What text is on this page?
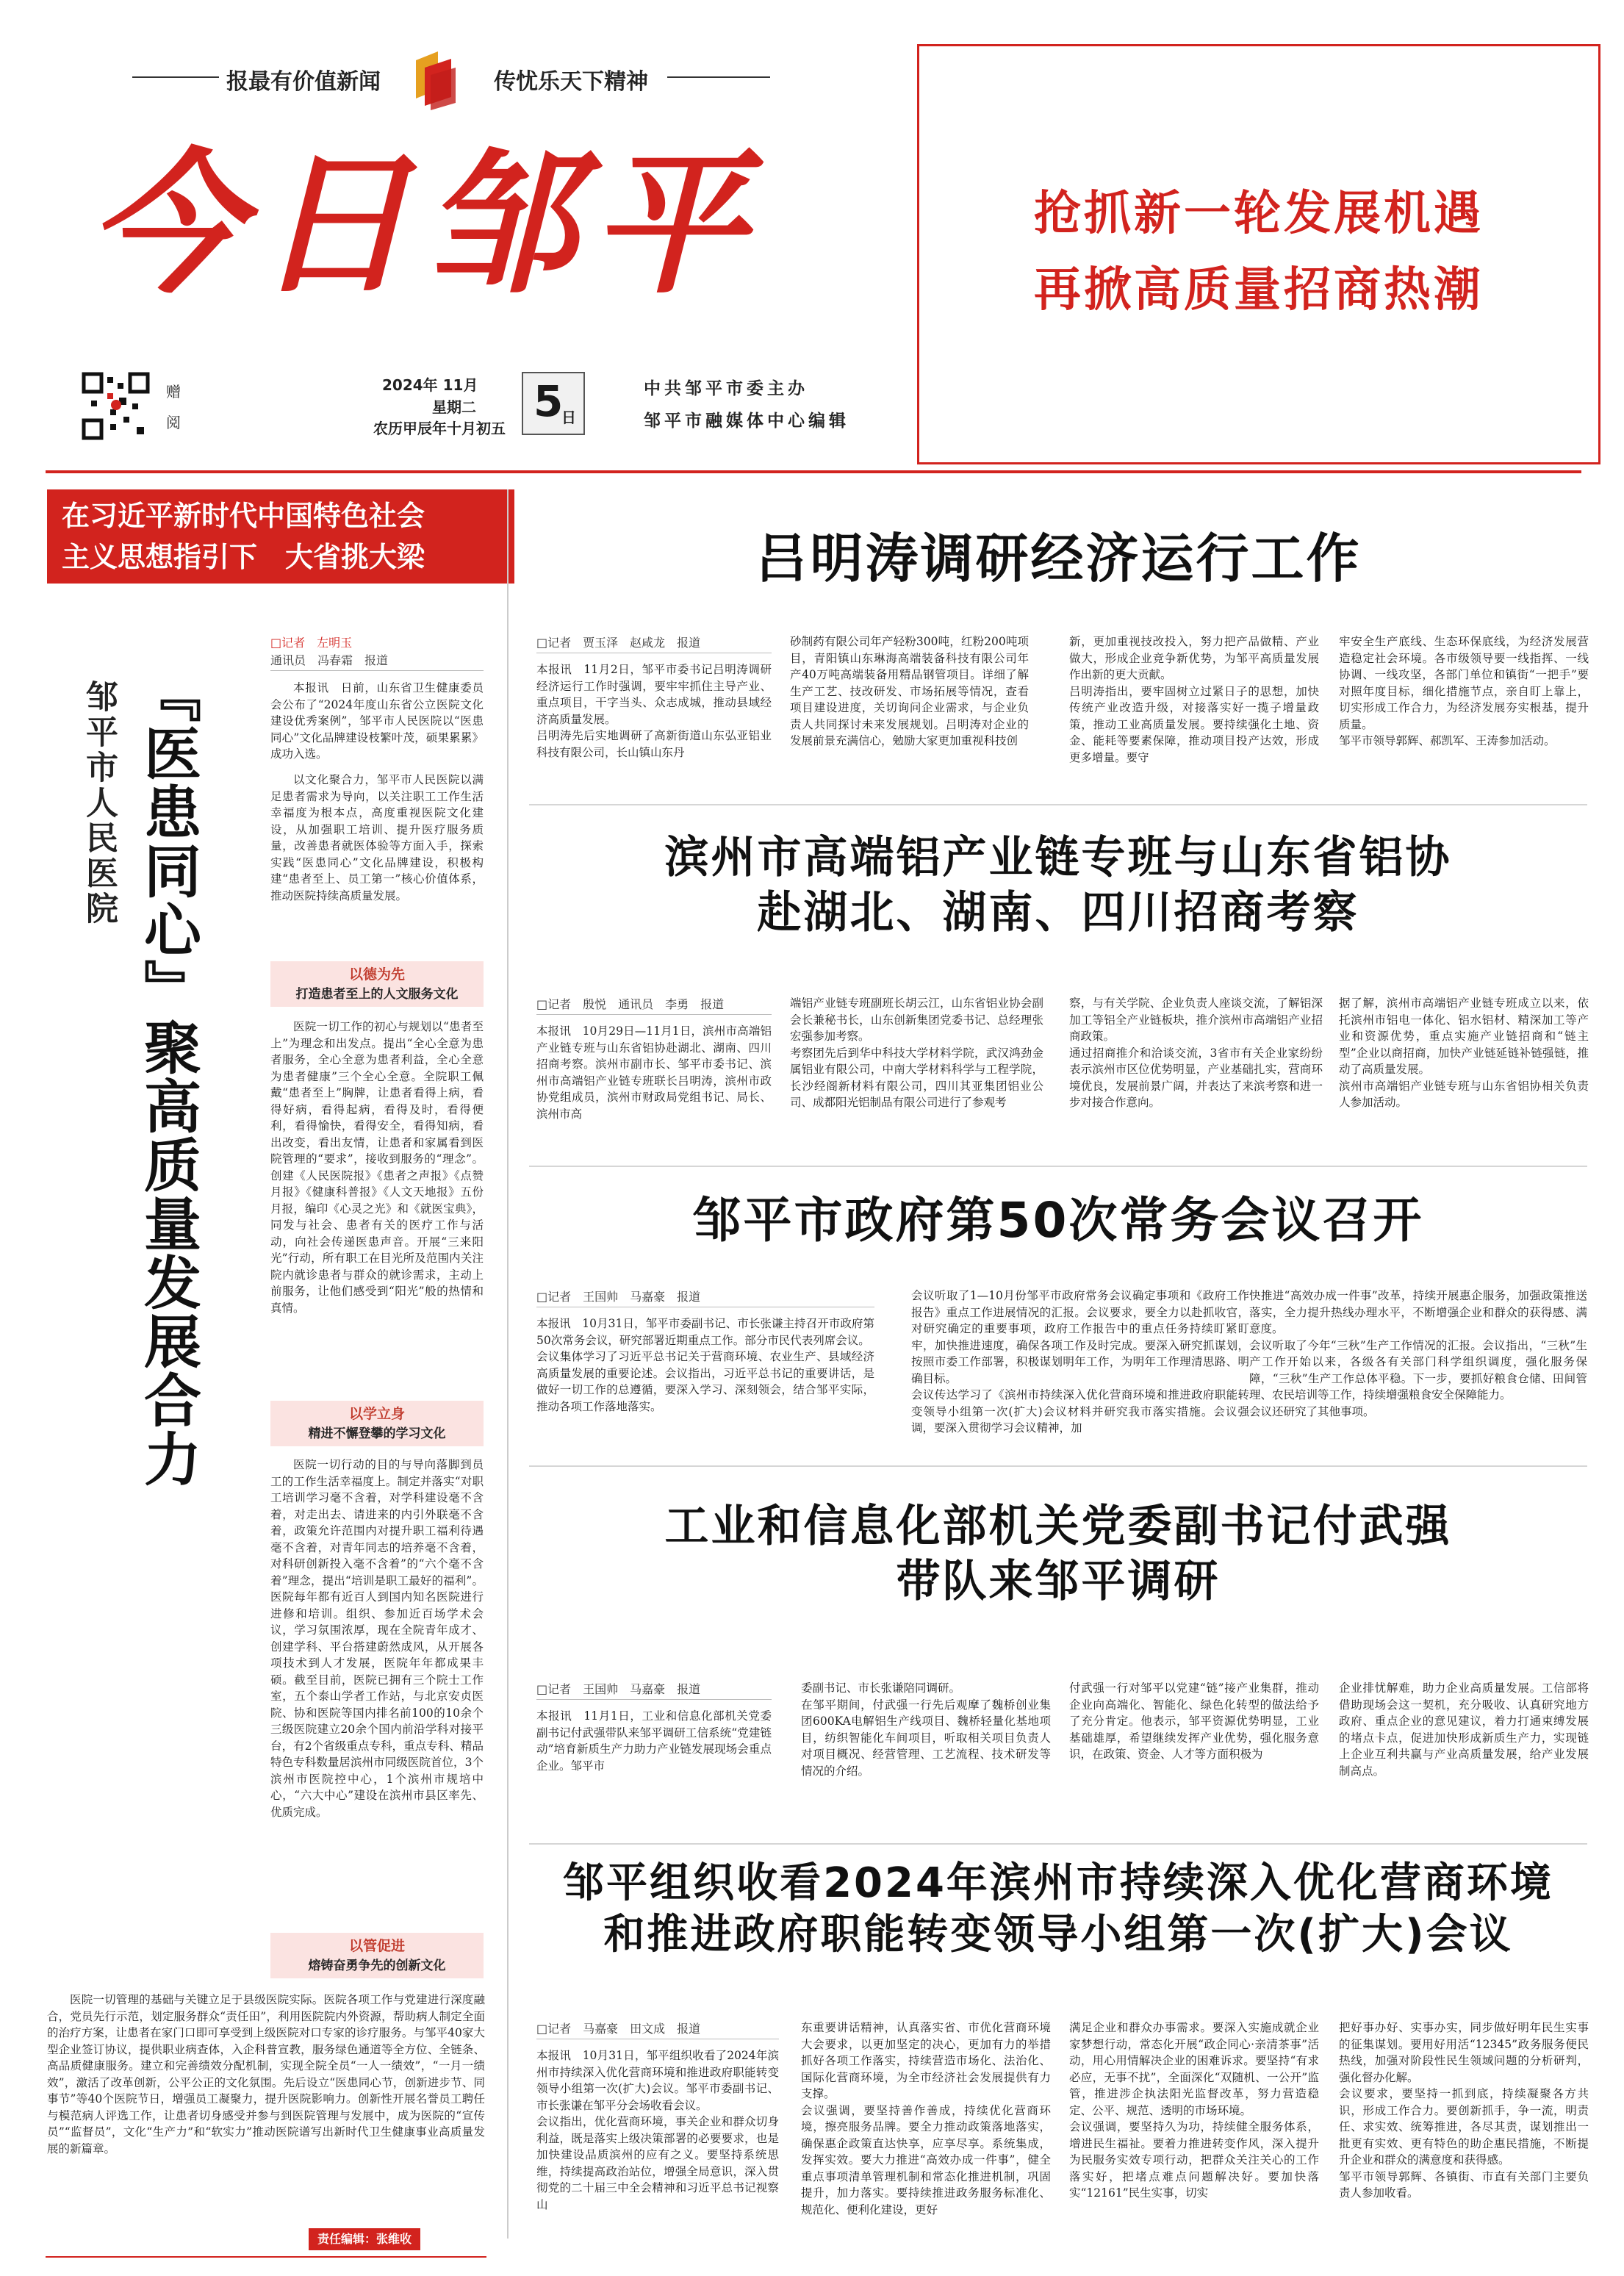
报最有价值新闻	传忧乐天下精神
今日邹平
赠阅
2024年 11月
星期二
农历甲辰年十月初五
5
日
中共邹平市委主办
邹平市融媒体中心编辑
抢抓新一轮发展机遇
再掀高质量招商热潮
在习近平新时代中国特色社会
主义思想指引下　大省挑大梁
『医患同心』聚高质量发展合力
邹平市人民医院
□记者　左明玉
通讯员　冯春霜　报道

本报讯　日前，山东省卫生健康委员会公布了“2024年度山东省公立医院文化建设优秀案例”，邹平市人民医院以“医患同心”文化品牌建设枝繁叶茂，硕果累累》成功入选。

以文化聚合力，邹平市人民医院以满足患者需求为导向，以关注职工工作生活幸福度为根本点，高度重视医院文化建设，从加强职工培训、提升医疗服务质量，改善患者就医体验等方面入手，探索实践“医患同心”文化品牌建设，积极构建“患者至上、员工第一”核心价值体系，推动医院持续高质量发展。

以德为先
打造患者至上的人文服务文化

医院一切工作的初心与规划以“患者至上”为理念和出发点。提出“全心全意为患者服务，全心全意为患者利益，全心全意为患者健康”三个全心全意。全院职工佩戴“患者至上”胸牌，让患者看得上病，看得好病，看得起病，看得及时，看得便利，看得愉快，看得安全，看得知病，看出改变，看出友情，让患者和家属看到医院管理的“要求”，接收到服务的“理念”。创建《人民医院报》《患者之声报》《点赞月报》《健康科普报》《人文天地报》五份月报，编印《心灵之光》和《就医宝典》，同发与社会、患者有关的医疗工作与活动，向社会传递医患声音。开展“三来阳光”行动，所有职工在目光所及范围内关注院内就诊患者与群众的就诊需求，主动上前服务，让他们感受到“阳光”般的热情和真情。

以学立身
精进不懈登攀的学习文化

医院一切行动的目的与导向落脚到员工的工作生活幸福度上。制定并落实“对职工培训学习毫不含着，对学科建设毫不含着，对走出去、请进来的内引外联毫不含着，政策允许范围内对提升职工福利待遇毫不含着，对青年同志的培养毫不含着，对科研创新投入毫不含着”的“六个毫不含着”理念，提出“培训是职工最好的福利”。医院每年都有近百人到国内知名医院进行进修和培训。组织、参加近百场学术会议，学习氛围浓厚，现在全院青年成才、创建学科、平台搭建蔚然成风，从开展各项技术到人才发展，医院年年都成果丰硕。截至目前，医院已拥有三个院士工作室，五个泰山学者工作站，与北京安贞医院、协和医院等国内排名前100的10余个三级医院建立20余个国内前沿学科对接平台，有2个省级重点专科，重点专科、精品特色专科数量居滨州市同级医院首位，3个滨州市医院控中心，1个滨州市规培中心，“六大中心”建设在滨州市县区率先、优质完成。

以管促进
熔铸奋勇争先的创新文化

医院一切管理的基础与关键立足于县级医院实际。医院各项工作与党建进行深度融合，党员先行示范，划定服务群众“责任田”，利用医院院内外资源，帮助病人制定全面的治疗方案，让患者在家门口即可享受到上级医院对口专家的诊疗服务。与邹平40家大型企业签订协议，提供职业病查体，入企科普宣教，服务绿色通道等全方位、全链条、高品质健康服务。建立和完善绩效分配机制，实现全院全员“一人一绩效”，“一月一绩效”，激活了改革创新，公平公正的文化氛围。先后设立“医患同心节，创新进步节、同事节”等40个医院节日，增强员工凝聚力，提升医院影响力。创新性开展名誉员工聘任与模范病人评选工作，让患者切身感受并参与到医院管理与发展中，成为医院的“宣传员”“监督员”，文化“生产力”和“软实力”推动医院谱写出新时代卫生健康事业高质量发展的新篇章。

责任编辑：张维收
吕明涛调研经济运行工作
□记者　贾玉泽　赵咸龙　报道
本报讯　11月2日，邹平市委书记吕明涛调研经济运行工作时强调，要牢牢抓住主导产业、重点项目，干字当头、众志成城，推动县域经济高质量发展。
吕明涛先后实地调研了高新街道山东弘亚铝业科技有限公司，长山镇山东丹
砂制药有限公司年产轻粉300吨，红粉200吨项目，青阳镇山东琳海高端装备科技有限公司年产40万吨高端装备用精品钢管项目。详细了解生产工艺、技改研发、市场拓展等情况，查看项目建设进度，关切询问企业需求，与企业负责人共同探讨未来发展规划。吕明涛对企业的发展前景充满信心，勉励大家更加重视科技创
新，更加重视技改投入，努力把产品做精、产业做大，形成企业竞争新优势，为邹平高质量发展作出新的更大贡献。
吕明涛指出，要牢固树立过紧日子的思想，加快传统产业改造升级，对接落实好一揽子增量政策，推动工业高质量发展。要持续强化土地、资金、能耗等要素保障，推动项目投产达效，形成更多增量。要守
牢安全生产底线、生态环保底线，为经济发展营造稳定社会环境。各市级领导要一线指挥、一线协调、一线攻坚，各部门单位和镇街“一把手”要对照年度目标，细化措施节点，亲自盯上靠上，切实形成工作合力，为经济发展夯实根基，提升质量。
邹平市领导郭辉、郝凯军、王涛参加活动。
滨州市高端铝产业链专班与山东省铝协
赴湖北、湖南、四川招商考察
□记者　殷悦　通讯员　李勇　报道
本报讯　10月29日—11月1日，滨州市高端铝产业链专班与山东省铝协赴湖北、湖南、四川招商考察。滨州市副市长、邹平市委书记、滨州市高端铝产业链专班联长吕明涛，滨州市政协党组成员，滨州市财政局党组书记、局长、滨州市高
端铝产业链专班副班长胡云江，山东省铝业协会副会长兼秘书长，山东创新集团党委书记、总经理张宏强参加考察。
考察团先后到华中科技大学材料学院，武汉鸿劲金属铝业有限公司，中南大学材料科学与工程学院，长沙经阁新材料有限公司，四川其亚集团铝业公司、成都阳光铝制品有限公司进行了参观考
察，与有关学院、企业负责人座谈交流，了解铝深加工等铝全产业链板块，推介滨州市高端铝产业招商政策。
通过招商推介和洽谈交流，3省市有关企业家纷纷表示滨州市区位优势明显，产业基础扎实，营商环境优良，发展前景广阔，并表达了来滨考察和进一步对接合作意向。
据了解，滨州市高端铝产业链专班成立以来，依托滨州市铝电一体化、铝水铝材、精深加工等产业和资源优势，重点实施产业链招商和“链主型”企业以商招商，加快产业链延链补链强链，推动了高质量发展。
滨州市高端铝产业链专班与山东省铝协相关负责人参加活动。
邹平市政府第50次常务会议召开
□记者　王国帅　马嘉豪　报道
本报讯　10月31日，邹平市委副书记、市长张谦主持召开市政府第50次常务会议，研究部署近期重点工作。部分市民代表列席会议。
会议集体学习了习近平总书记关于营商环境、农业生产、县域经济高质量发展的重要论述。会议指出，习近平总书记的重要讲话，是做好一切工作的总遵循，要深入学习、深刻领会，结合邹平实际，推动各项工作落地落实。
会议听取了1—10月份邹平市政府常务会议确定事项和《政府工作报告》重点工作进展情况的汇报。会议要求，要全力以赴抓收官，对研究确定的重要事项，政府工作报告中的重点任务持续盯紧盯牢，加快推进速度，确保各项工作及时完成。要深入研究抓谋划，按照市委工作部署，积极谋划明年工作，为明年工作理清思路、明确目标。
会议传达学习了《滨州市持续深入优化营商环境和推进政府职能转变领导小组第一次(扩大)会议材料并研究我市落实措施。会议强调，要深入贯彻学习会议精神，加
快推进“高效办成一件事”改革，持续开展惠企服务，加强政策推送落实，全力提升热线办理水平，不断增强企业和群众的获得感、满意度。
会议听取了今年“三秋”生产工作情况的汇报。会议指出，“三秋”生产工作开始以来，各级各有关部门科学组织调度，强化服务保障，“三秋”生产工作总体平稳。下一步，要抓好粮食仓储、田间管理、农民培训等工作，持续增强粮食安全保障能力。
会议还研究了其他事项。
工业和信息化部机关党委副书记付武强
带队来邹平调研
□记者　王国帅　马嘉豪　报道
本报讯　11月1日，工业和信息化部机关党委副书记付武强带队来邹平调研工信系统“党建链动”培育新质生产力助力产业链发展现场会重点企业。邹平市
委副书记、市长张谦陪同调研。
在邹平期间，付武强一行先后观摩了魏桥创业集团600KA电解铝生产线项目、魏桥轻量化基地项目，纺织智能化车间项目，听取相关项目负责人对项目概况、经营管理、工艺流程、技术研发等情况的介绍。
付武强一行对邹平以党建“链”接产业集群，推动企业向高端化、智能化、绿色化转型的做法给予了充分肯定。他表示，邹平资源优势明显，工业基础雄厚，希望继续发挥产业优势，强化服务意识，在政策、资金、人才等方面积极为
企业排忧解难，助力企业高质量发展。工信部将借助现场会这一契机，充分吸收、认真研究地方政府、重点企业的意见建议，着力打通束缚发展的堵点卡点，促进加快形成新质生产力，实现链上企业互利共赢与产业高质量发展，给产业发展制高点。
邹平组织收看2024年滨州市持续深入优化营商环境
和推进政府职能转变领导小组第一次(扩大)会议
□记者　马嘉豪　田文成　报道
本报讯　10月31日，邹平组织收看了2024年滨州市持续深入优化营商环境和推进政府职能转变领导小组第一次(扩大)会议。邹平市委副书记、市长张谦在邹平分会场收看会议。
会议指出，优化营商环境，事关企业和群众切身利益，既是落实上级决策部署的必要要求，也是加快建设品质滨州的应有之义。要坚持系统思维，持续提高政治站位，增强全局意识，深入贯彻党的二十届三中全会精神和习近平总书记视察山
东重要讲话精神，认真落实省、市优化营商环境大会要求，以更加坚定的决心，更加有力的举措抓好各项工作落实，持续营造市场化、法治化、国际化营商环境，为全市经济社会发展提供有力支撑。
会议强调，要坚持善作善成，持续优化营商环境，擦亮服务品牌。要全力推动政策落地落实，确保惠企政策直达快享，应享尽享。系统集成，发挥实效。要大力推进“高效办成一件事”，健全重点事项清单管理机制和常态化推进机制，巩固提升，加力落实。要持续推进政务服务标准化、规范化、便利化建设，更好
满足企业和群众办事需求。要深入实施成就企业家梦想行动，常态化开展“政企同心·亲清茶事”活动，用心用情解决企业的困难诉求。要坚持“有求必应，无事不扰”，全面深化“双随机、一公开”监管，推进涉企执法阳光监督改革，努力营造稳定、公平、规范、透明的市场环境。
会议强调，要坚持久为功，持续健全服务体系，增进民生福祉。要着力推进转变作风，深入提升为民服务实效专项行动，把群众关注关心的工作落实好，把堵点难点问题解决好。要加快落实“12161”民生实事，切实
把好事办好、实事办实，同步做好明年民生实事的征集谋划。要用好用活“12345”政务服务便民热线，加强对阶段性民生领域问题的分析研判，强化督办化解。
会议要求，要坚持一抓到底，持续凝聚各方共识，形成工作合力。要创新抓手，争一流，明责任、求实效、统筹推进，各尽其责，谋划推出一批更有实效、更有特色的助企惠民措施，不断提升企业和群众的满意度和获得感。
邹平市领导郭辉、各镇街、市直有关部门主要负责人参加收看。
